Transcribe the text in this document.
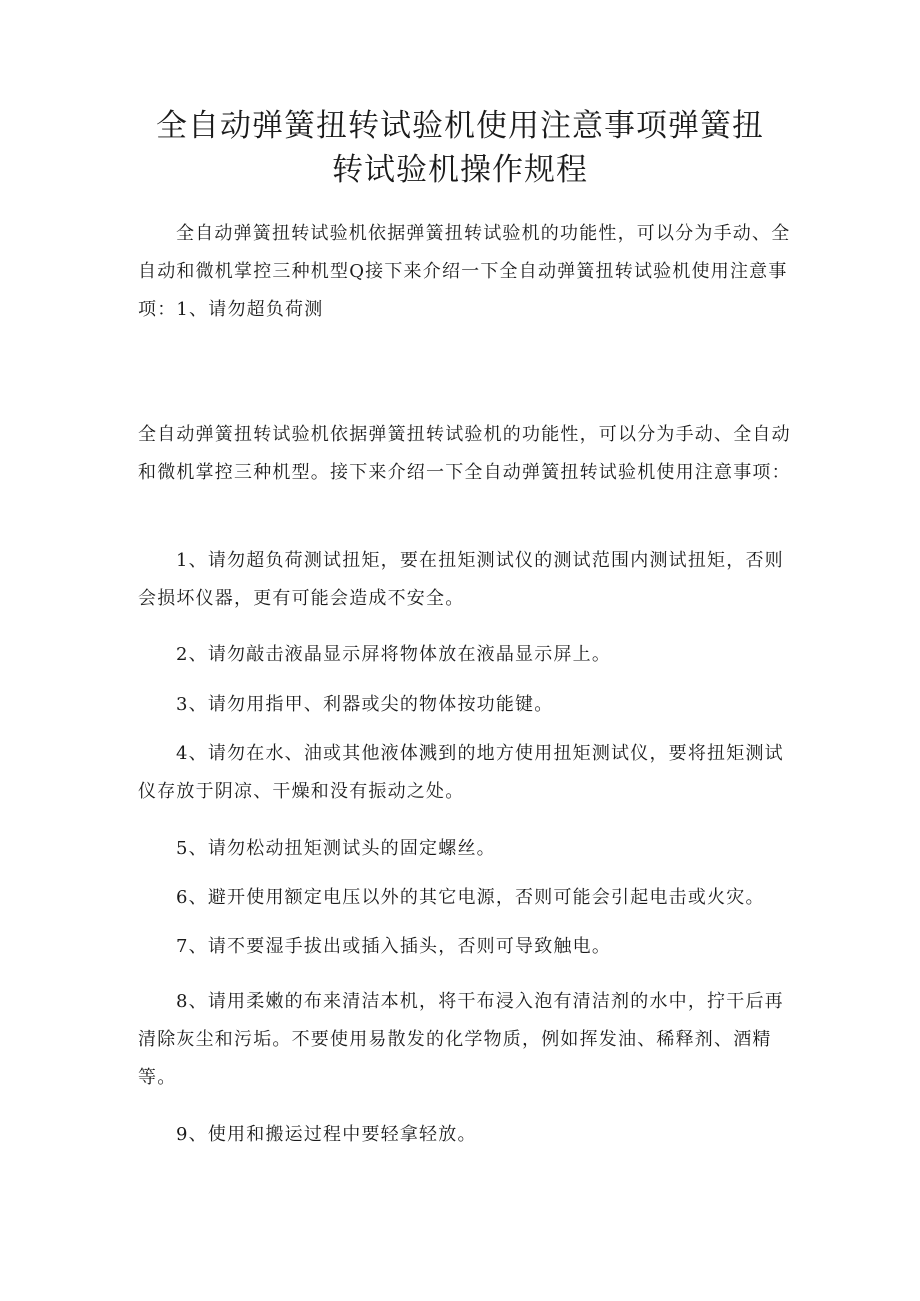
全自动弹簧扭转试验机使用注意事项弹簧扭
转试验机操作规程

全自动弹簧扭转试验机依据弹簧扭转试验机的功能性，可以分为手动、全自动和微机掌控三种机型Q接下来介绍一下全自动弹簧扭转试验机使用注意事项：1、请勿超负荷测

全自动弹簧扭转试验机依据弹簧扭转试验机的功能性，可以分为手动、全自动和微机掌控三种机型。接下来介绍一下全自动弹簧扭转试验机使用注意事项：

1、请勿超负荷测试扭矩，要在扭矩测试仪的测试范围内测试扭矩，否则会损坏仪器，更有可能会造成不安全。

2、请勿敲击液晶显示屏将物体放在液晶显示屏上。

3、请勿用指甲、利器或尖的物体按功能键。

4、请勿在水、油或其他液体溅到的地方使用扭矩测试仪，要将扭矩测试仪存放于阴凉、干燥和没有振动之处。

5、请勿松动扭矩测试头的固定螺丝。

6、避开使用额定电压以外的其它电源，否则可能会引起电击或火灾。

7、请不要湿手拔出或插入插头，否则可导致触电。

8、请用柔嫩的布来清洁本机，将干布浸入泡有清洁剂的水中，拧干后再清除灰尘和污垢。不要使用易散发的化学物质，例如挥发油、稀释剂、酒精等。

9、使用和搬运过程中要轻拿轻放。
